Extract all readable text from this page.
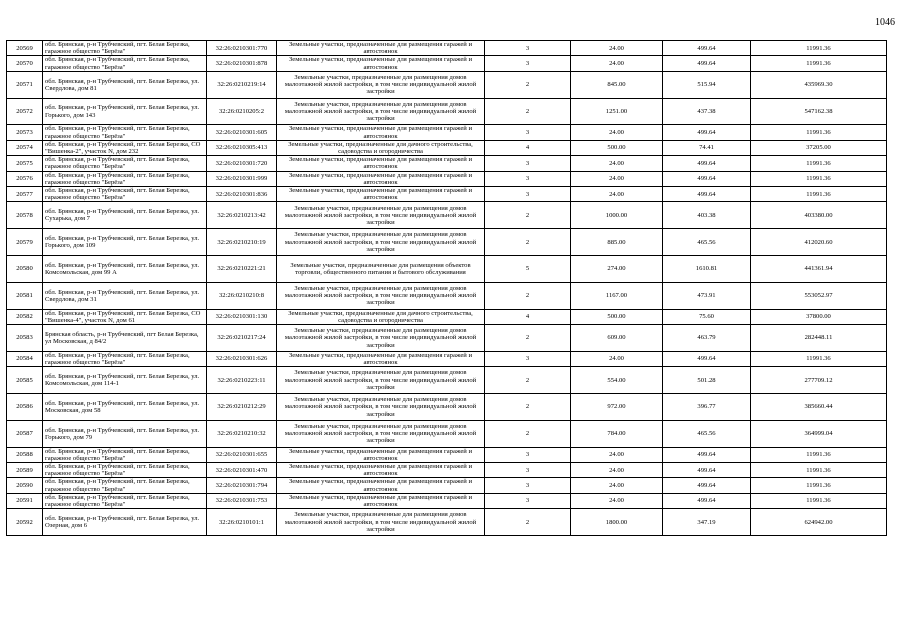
1046
20569	обл. Брянская, р-н Трубчевский, пгт. Белая Березка, гаражное общество "Берёза"	32:26:0210301:770	Земельные участки, предназначенные для размещения гаражей и автостоянок	3	24.00	499.64	11991.36
20570	обл. Брянская, р-н Трубчевский, пгт. Белая Березка, гаражное общество "Берёза"	32:26:0210301:878	Земельные участки, предназначенные для размещения гаражей и автостоянок	3	24.00	499.64	11991.36
20571	обл. Брянская, р-н Трубчевский, пгт. Белая Березка, ул. Свердлова, дом 81	32:26:0210219:14	Земельные участки, предназначенные для размещения домов малоэтажной жилой застройки, в том числе индивидуальной жилой застройки	2	845.00	515.94	435969.30
20572	обл. Брянская, р-н Трубчевский, пгт. Белая Березка, ул. Горького, дом 143	32:26:0210205:2	Земельные участки, предназначенные для размещения домов малоэтажной жилой застройки, в том числе индивидуальной жилой застройки	2	1251.00	437.38	547162.38
20573	обл. Брянская, р-н Трубчевский, пгт. Белая Березка, гаражное общество "Берёза"	32:26:0210301:605	Земельные участки, предназначенные для размещения гаражей и автостоянок	3	24.00	499.64	11991.36
20574	обл. Брянская, р-н Трубчевский, пгт. Белая Березка, СО "Вишенка-2", участок N, дом 232	32:26:0210305:413	Земельные участки, предназначенные для дачного строительства, садоводства и огородничества	4	500.00	74.41	37205.00
20575	обл. Брянская, р-н Трубчевский, пгт. Белая Березка, гаражное общество "Берёза"	32:26:0210301:720	Земельные участки, предназначенные для размещения гаражей и автостоянок	3	24.00	499.64	11991.36
20576	обл. Брянская, р-н Трубчевский, пгт. Белая Березка, гаражное общество "Берёза"	32:26:0210301:999	Земельные участки, предназначенные для размещения гаражей и автостоянок	3	24.00	499.64	11991.36
20577	обл. Брянская, р-н Трубчевский, пгт. Белая Березка, гаражное общество "Берёза"	32:26:0210301:836	Земельные участки, предназначенные для размещения гаражей и автостоянок	3	24.00	499.64	11991.36
20578	обл. Брянская, р-н Трубчевский, пгт. Белая Березка, ул. Сухарька, дом 7	32:26:0210213:42	Земельные участки, предназначенные для размещения домов малоэтажной жилой застройки, в том числе индивидуальной жилой застройки	2	1000.00	403.38	403380.00
20579	обл. Брянская, р-н Трубчевский, пгт. Белая Березка, ул. Горького, дом 109	32:26:0210210:19	Земельные участки, предназначенные для размещения домов малоэтажной жилой застройки, в том числе индивидуальной жилой застройки	2	885.00	465.56	412020.60
20580	обл. Брянская, р-н Трубчевский, пгт. Белая Березка, ул. Комсомольская, дом 99 А	32:26:0210221:21	Земельные участки, предназначенные для размещения объектов торговли, общественного питания и бытового обслуживания	5	274.00	1610.81	441361.94
20581	обл. Брянская, р-н Трубчевский, пгт. Белая Березка, ул. Свердлова, дом 31	32:26:0210210:8	Земельные участки, предназначенные для размещения домов малоэтажной жилой застройки, в том числе индивидуальной жилой застройки	2	1167.00	473.91	553052.97
20582	обл. Брянская, р-н Трубчевский, пгт. Белая Березка, СО "Вишенка-4", участок N, дом 61	32:26:0210301:130	Земельные участки, предназначенные для дачного строительства, садоводства и огородничества	4	500.00	75.60	37800.00
20583	Брянская область, р-н Трубчевский, пгт Белая Березка, ул Московская, д 84/2	32:26:0210217:24	Земельные участки, предназначенные для размещения домов малоэтажной жилой застройки, в том числе индивидуальной жилой застройки	2	609.00	463.79	282448.11
20584	обл. Брянская, р-н Трубчевский, пгт. Белая Березка, гаражное общество "Берёза"	32:26:0210301:626	Земельные участки, предназначенные для размещения гаражей и автостоянок	3	24.00	499.64	11991.36
20585	обл. Брянская, р-н Трубчевский, пгт. Белая Березка, ул. Комсомольская, дом 114-1	32:26:0210223:11	Земельные участки, предназначенные для размещения домов малоэтажной жилой застройки, в том числе индивидуальной жилой застройки	2	554.00	501.28	277709.12
20586	обл. Брянская, р-н Трубчевский, пгт. Белая Березка, ул. Московская, дом 58	32:26:0210212:29	Земельные участки, предназначенные для размещения домов малоэтажной жилой застройки, в том числе индивидуальной жилой застройки	2	972.00	396.77	385660.44
20587	обл. Брянская, р-н Трубчевский, пгт. Белая Березка, ул. Горького, дом 79	32:26:0210210:32	Земельные участки, предназначенные для размещения домов малоэтажной жилой застройки, в том числе индивидуальной жилой застройки	2	784.00	465.56	364999.04
20588	обл. Брянская, р-н Трубчевский, пгт. Белая Березка, гаражное общество "Берёза"	32:26:0210301:655	Земельные участки, предназначенные для размещения гаражей и автостоянок	3	24.00	499.64	11991.36
20589	обл. Брянская, р-н Трубчевский, пгт. Белая Березка, гаражное общество "Берёза"	32:26:0210301:470	Земельные участки, предназначенные для размещения гаражей и автостоянок	3	24.00	499.64	11991.36
20590	обл. Брянская, р-н Трубчевский, пгт. Белая Березка, гаражное общество "Берёза"	32:26:0210301:794	Земельные участки, предназначенные для размещения гаражей и автостоянок	3	24.00	499.64	11991.36
20591	обл. Брянская, р-н Трубчевский, пгт. Белая Березка, гаражное общество "Берёза"	32:26:0210301:753	Земельные участки, предназначенные для размещения гаражей и автостоянок	3	24.00	499.64	11991.36
20592	обл. Брянская, р-н Трубчевский, пгт. Белая Березка, ул. Озерная, дом 6	32:26:0210101:1	Земельные участки, предназначенные для размещения домов малоэтажной жилой застройки, в том числе индивидуальной жилой застройки	2	1800.00	347.19	624942.00
